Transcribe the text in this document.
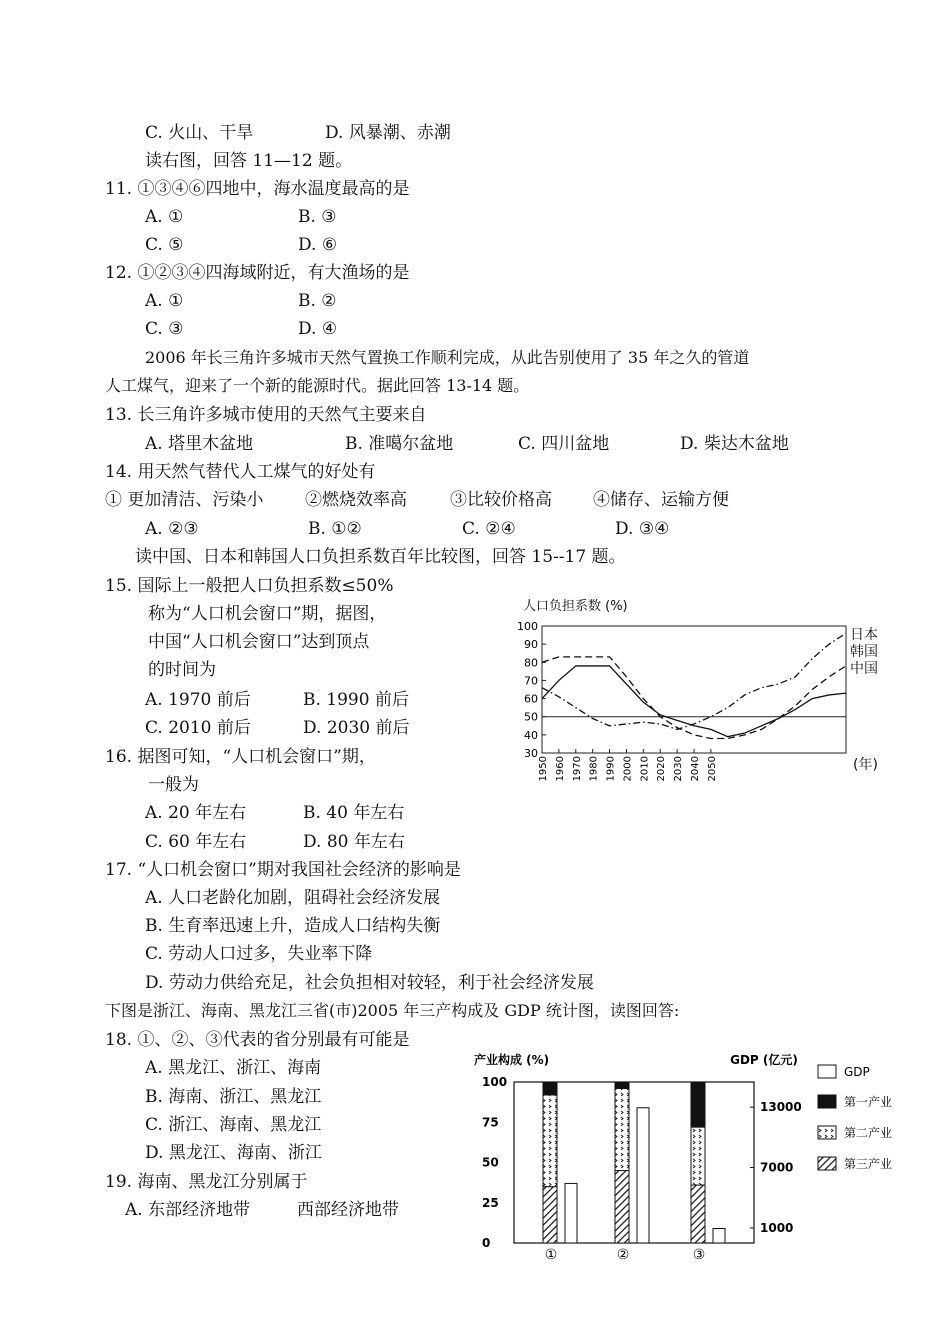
C. 火山、干旱	D. 风暴潮、赤潮
读右图，回答 11—12 题。
11. ①③④⑥四地中，海水温度最高的是
A. ①	B. ③
C. ⑤	D. ⑥
12. ①②③④四海域附近，有大渔场的是
A. ①	B. ②
C. ③	D. ④
2006 年长三角许多城市天然气置换工作顺利完成，从此告别使用了 35 年之久的管道
人工煤气，迎来了一个新的能源时代。据此回答 13-14 题。
13. 长三角许多城市使用的天然气主要来自
A. 塔里木盆地	B. 准噶尔盆地	C. 四川盆地	D. 柴达木盆地
14. 用天然气替代人工煤气的好处有
① 更加清洁、污染小 ②燃烧效率高	③比较价格高 ④储存、运输方便
A. ②③	B. ①②	C. ②④	D. ③④
读中国、日本和韩国人口负担系数百年比较图，回答 15--17 题。
15. 国际上一般把人口负担系数≤50%
称为“人口机会窗口”期，据图，
中国“人口机会窗口”达到顶点
的时间为
A. 1970 前后	B. 1990 前后
C. 2010 前后	D. 2030 前后
16. 据图可知，“人口机会窗口”期，
一般为
A. 20 年左右	B. 40 年左右
C. 60 年左右	D. 80 年左右
17. “人口机会窗口”期对我国社会经济的影响是
A. 人口老龄化加剧，阻碍社会经济发展
B. 生育率迅速上升，造成人口结构失衡
C. 劳动人口过多，失业率下降
D. 劳动力供给充足，社会负担相对较轻，利于社会经济发展
下图是浙江、海南、黑龙江三省(市)2005 年三产构成及 GDP 统计图，读图回答:
18. ①、②、③代表的省分别最有可能是
A. 黑龙江、浙江、海南
B. 海南、浙江、黑龙江
C. 浙江、海南、黑龙江
D. 黑龙江、海南、浙江
19. 海南、黑龙江分别属于
A. 东部经济地带	西部经济地带
人口负担系数 (%)
30
40
50
60
70
80
90
100
1950 1960 1970 1980 1990 2000 2010 2020 2030 2040 2050
日本
韩国
中国
(年)
产业构成 (%)	GDP (亿元)
0
25
50
75
100
1000
7000
13000
①	②	③
GDP
第一产业
第二产业
第三产业
